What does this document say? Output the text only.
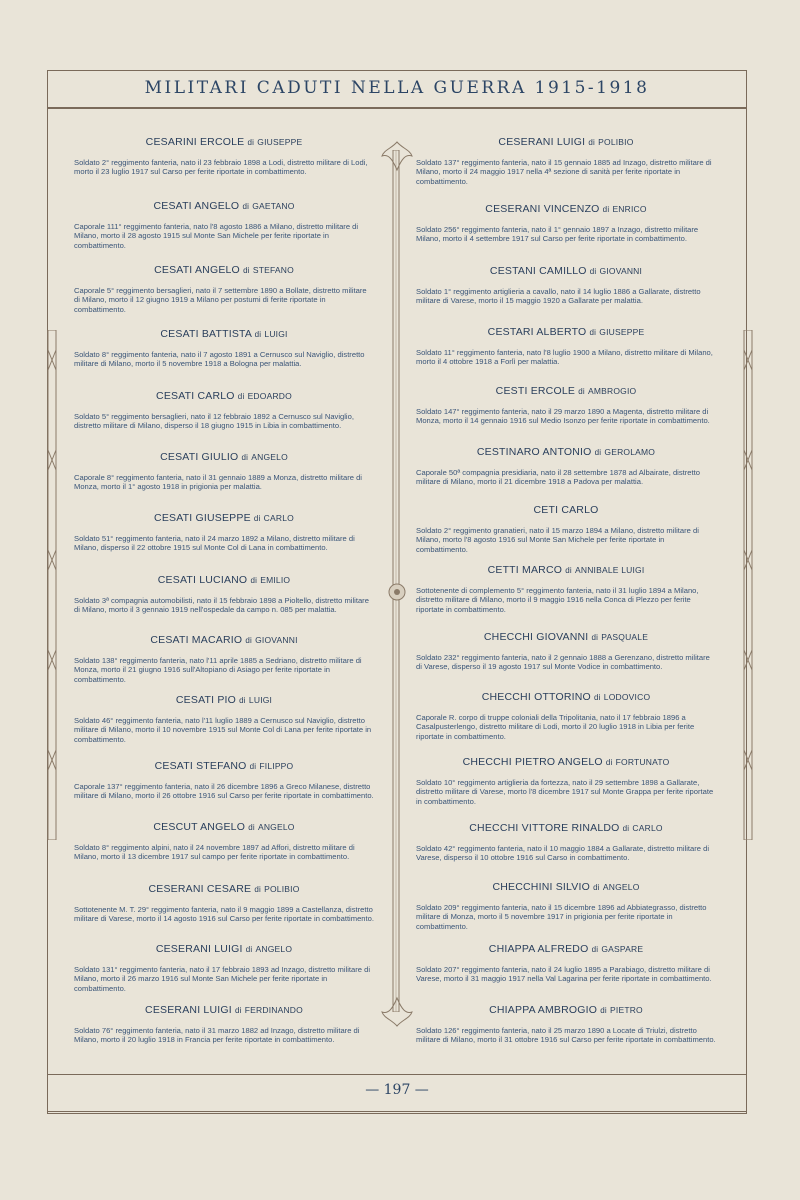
MILITARI CADUTI NELLA GUERRA 1915-1918
CESARINI ERCOLE di GIUSEPPE
Soldato 2° reggimento fanteria, nato il 23 febbraio 1898 a Lodi, distretto militare di Lodi, morto il 23 luglio 1917 sul Carso per ferite riportate in combattimento.
CESATI ANGELO di GAETANO
Caporale 111° reggimento fanteria, nato l'8 agosto 1886 a Milano, distretto militare di Milano, morto il 28 agosto 1915 sul Monte San Michele per ferite riportate in combattimento.
CESATI ANGELO di STEFANO
Caporale 5° reggimento bersaglieri, nato il 7 settembre 1890 a Bollate, distretto militare di Milano, morto il 12 giugno 1919 a Milano per postumi di ferite riportate in combattimento.
CESATI BATTISTA di LUIGI
Soldato 8° reggimento fanteria, nato il 7 agosto 1891 a Cernusco sul Naviglio, distretto militare di Milano, morto il 5 novembre 1918 a Bologna per malattia.
CESATI CARLO di EDOARDO
Soldato 5° reggimento bersaglieri, nato il 12 febbraio 1892 a Cernusco sul Naviglio, distretto militare di Milano, disperso il 18 giugno 1915 in Libia in combattimento.
CESATI GIULIO di ANGELO
Caporale 8° reggimento fanteria, nato il 31 gennaio 1889 a Monza, distretto militare di Monza, morto il 1° agosto 1918 in prigionia per malattia.
CESATI GIUSEPPE di CARLO
Soldato 51° reggimento fanteria, nato il 24 marzo 1892 a Milano, distretto militare di Milano, disperso il 22 ottobre 1915 sul Monte Col di Lana in combattimento.
CESATI LUCIANO di EMILIO
Soldato 3ª compagnia automobilisti, nato il 15 febbraio 1898 a Pioltello, distretto militare di Milano, morto il 3 gennaio 1919 nell'ospedale da campo n. 085 per malattia.
CESATI MACARIO di GIOVANNI
Soldato 138° reggimento fanteria, nato l'11 aprile 1885 a Sedriano, distretto militare di Monza, morto il 21 giugno 1916 sull'Altopiano di Asiago per ferite riportate in combattimento.
CESATI PIO di LUIGI
Soldato 46° reggimento fanteria, nato l'11 luglio 1889 a Cernusco sul Naviglio, distretto militare di Milano, morto il 10 novembre 1915 sul Monte Col di Lana per ferite riportate in combattimento.
CESATI STEFANO di FILIPPO
Caporale 137° reggimento fanteria, nato il 26 dicembre 1896 a Greco Milanese, distretto militare di Milano, morto il 26 ottobre 1916 sul Carso per ferite riportate in combattimento.
CESCUT ANGELO di ANGELO
Soldato 8° reggimento alpini, nato il 24 novembre 1897 ad Affori, distretto militare di Milano, morto il 13 dicembre 1917 sul campo per ferite riportate in combattimento.
CESERANI CESARE di POLIBIO
Sottotenente M. T. 29° reggimento fanteria, nato il 9 maggio 1899 a Castellanza, distretto militare di Varese, morto il 14 agosto 1916 sul Carso per ferite riportate in combattimento.
CESERANI LUIGI di ANGELO
Soldato 131° reggimento fanteria, nato il 17 febbraio 1893 ad Inzago, distretto militare di Milano, morto il 26 marzo 1916 sul Monte San Michele per ferite riportate in combattimento.
CESERANI LUIGI di FERDINANDO
Soldato 76° reggimento fanteria, nato il 31 marzo 1882 ad Inzago, distretto militare di Milano, morto il 20 luglio 1918 in Francia per ferite riportate in combattimento.
CESERANI LUIGI di POLIBIO
Soldato 137° reggimento fanteria, nato il 15 gennaio 1885 ad Inzago, distretto militare di Milano, morto il 24 maggio 1917 nella 4ª sezione di sanità per ferite riportate in combattimento.
CESERANI VINCENZO di ENRICO
Soldato 256° reggimento fanteria, nato il 1° gennaio 1897 a Inzago, distretto militare Milano, morto il 4 settembre 1917 sul Carso per ferite riportate in combattimento.
CESTANI CAMILLO di GIOVANNI
Soldato 1° reggimento artiglieria a cavallo, nato il 14 luglio 1886 a Gallarate, distretto militare di Varese, morto il 15 maggio 1920 a Gallarate per malattia.
CESTARI ALBERTO di GIUSEPPE
Soldato 11° reggimento fanteria, nato l'8 luglio 1900 a Milano, distretto militare di Milano, morto il 4 ottobre 1918 a Forlì per malattia.
CESTI ERCOLE di AMBROGIO
Soldato 147° reggimento fanteria, nato il 29 marzo 1890 a Magenta, distretto militare di Monza, morto il 14 gennaio 1916 sul Medio Isonzo per ferite riportate in combattimento.
CESTINARO ANTONIO di GEROLAMO
Caporale 50ª compagnia presidiaria, nato il 28 settembre 1878 ad Albairate, distretto militare di Milano, morto il 21 dicembre 1918 a Padova per malattia.
CETI CARLO
Soldato 2° reggimento granatieri, nato il 15 marzo 1894 a Milano, distretto militare di Milano, morto l'8 agosto 1916 sul Monte San Michele per ferite riportate in combattimento.
CETTI MARCO di ANNIBALE LUIGI
Sottotenente di complemento 5° reggimento fanteria, nato il 31 luglio 1894 a Milano, distretto militare di Milano, morto il 9 maggio 1916 nella Conca di Plezzo per ferite riportate in combattimento.
CHECCHI GIOVANNI di PASQUALE
Soldato 232° reggimento fanteria, nato il 2 gennaio 1888 a Gerenzano, distretto militare di Varese, disperso il 19 agosto 1917 sul Monte Vodice in combattimento.
CHECCHI OTTORINO di LODOVICO
Caporale R. corpo di truppe coloniali della Tripolitania, nato il 17 febbraio 1896 a Casalpusterlengo, distretto militare di Lodi, morto il 20 luglio 1918 in Libia per ferite riportate in combattimento.
CHECCHI PIETRO ANGELO di FORTUNATO
Soldato 10° reggimento artiglieria da fortezza, nato il 29 settembre 1898 a Gallarate, distretto militare di Varese, morto l'8 dicembre 1917 sul Monte Grappa per ferite riportate in combattimento.
CHECCHI VITTORE RINALDO di CARLO
Soldato 42° reggimento fanteria, nato il 10 maggio 1884 a Gallarate, distretto militare di Varese, disperso il 10 ottobre 1916 sul Carso in combattimento.
CHECCHINI SILVIO di ANGELO
Soldato 209° reggimento fanteria, nato il 15 dicembre 1896 ad Abbiategrasso, distretto militare di Monza, morto il 5 novembre 1917 in prigionia per ferite riportate in combattimento.
CHIAPPA ALFREDO di GASPARE
Soldato 207° reggimento fanteria, nato il 24 luglio 1895 a Parabiago, distretto militare di Varese, morto il 31 maggio 1917 nella Val Lagarina per ferite riportate in combattimento.
CHIAPPA AMBROGIO di PIETRO
Soldato 126° reggimento fanteria, nato il 25 marzo 1890 a Locate di Triulzi, distretto militare di Milano, morto il 31 ottobre 1916 sul Carso per ferite riportate in combattimento.
— 197 —
